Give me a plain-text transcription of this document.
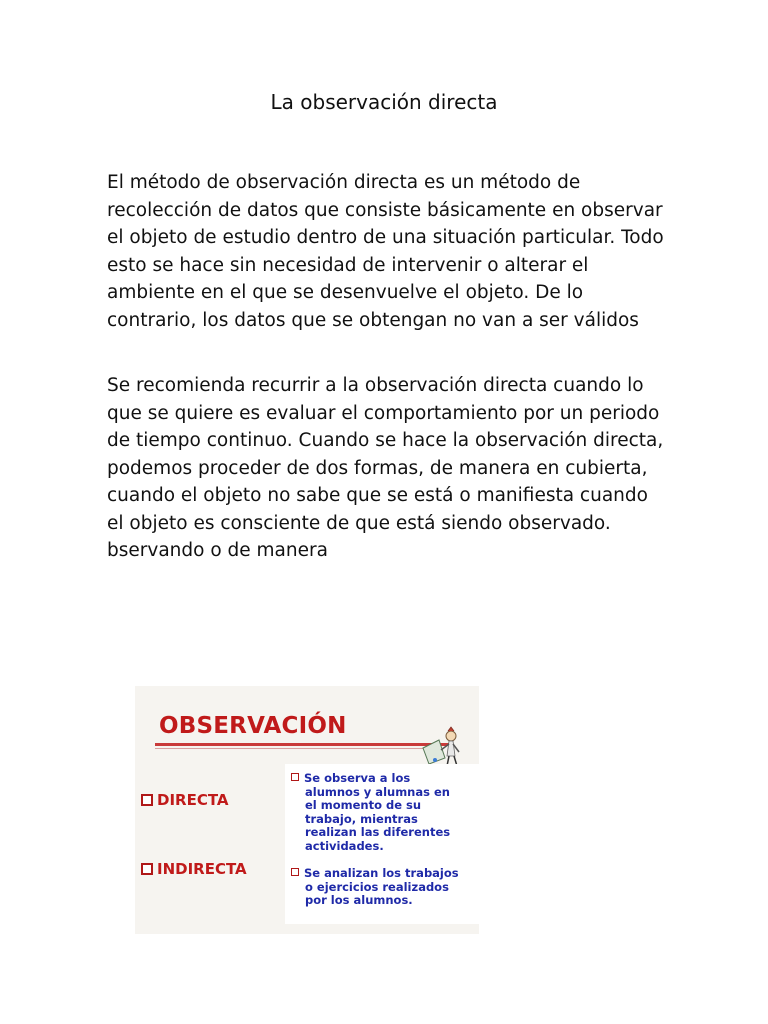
La observación directa

El método de observación directa es un método de recolección de datos que consiste básicamente en observar el objeto de estudio dentro de una situación particular. Todo esto se hace sin necesidad de intervenir o alterar el ambiente en el que se desenvuelve el objeto. De lo contrario, los datos que se obtengan no van a ser válidos

Se recomienda recurrir a la observación directa cuando lo que se quiere es evaluar el comportamiento por un periodo de tiempo continuo. Cuando se hace la observación directa, podemos proceder de dos formas, de manera en cubierta, cuando el objeto no sabe que se está o manifiesta cuando el objeto es consciente de que está siendo observado. bservando o de manera

OBSERVACIÓN
DIRECTA
INDIRECTA
Se observa a los
alumnos y alumnas en
el momento de su
trabajo, mientras
realizan las diferentes
actividades.
Se analizan los trabajos
o ejercicios realizados
por los alumnos.
